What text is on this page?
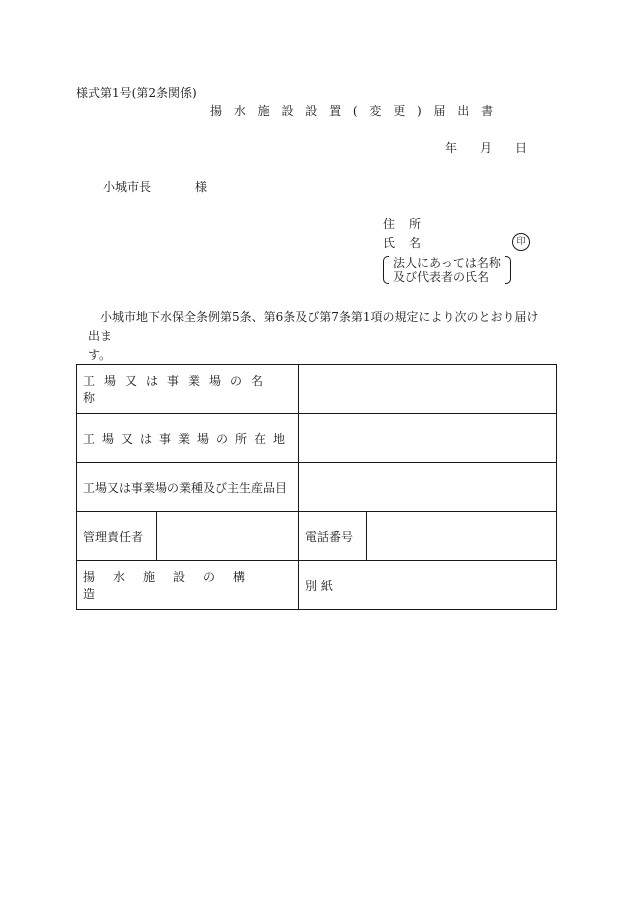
様式第1号(第2条関係)
揚 水 施 設 設 置 ( 変 更 ) 届 出 書
年 月 日
小城市長	様
住所
氏名	印
法人にあっては名称
及び代表者の氏名
小城市地下水保全条例第5条、第6条及び第7条第1項の規定により次のとおり届け出ま
す。
工場又は事業場の名称			
工場又は事業場の所在地			
工場又は事業場の業種及び主生産品目			
管理責任者		電話番号	
揚水施設の構造		別 紙	
